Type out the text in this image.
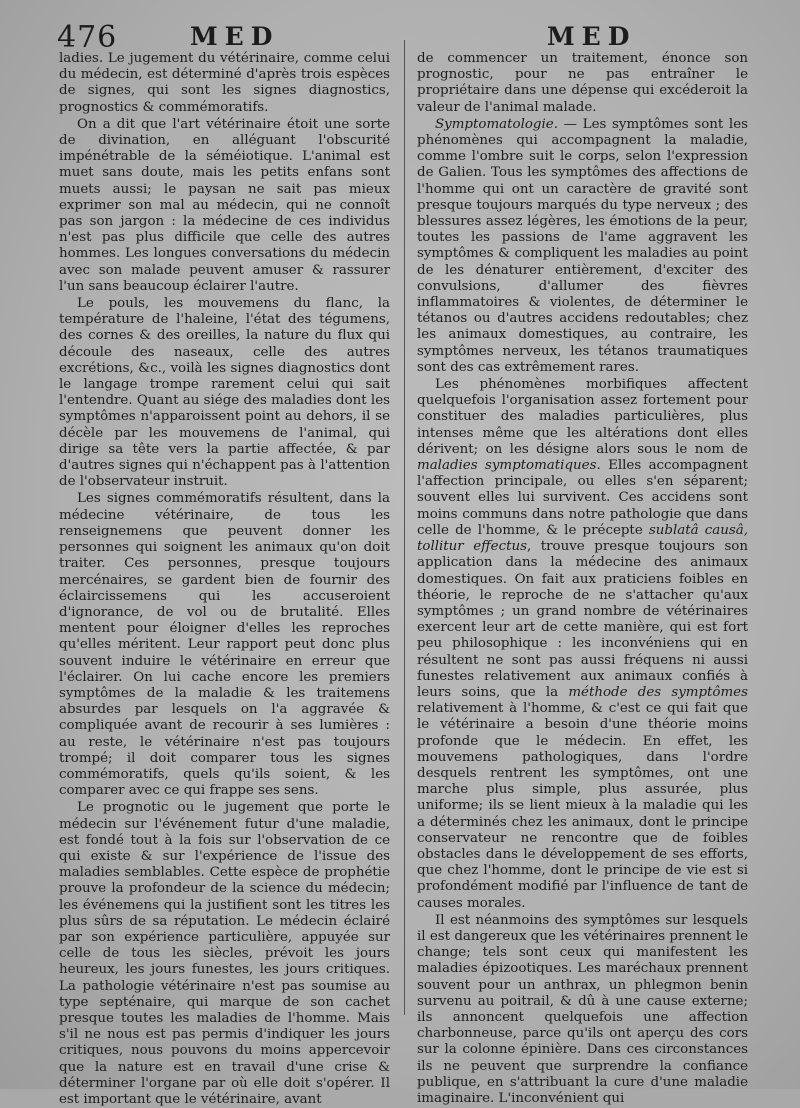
476	MED	MED

ladies. Le jugement du vétérinaire, comme celui du médecin, est déterminé d'après trois espèces de signes, qui sont les signes diagnostics, prognostics & commémoratifs.

On a dit que l'art vétérinaire étoit une sorte de divination, en alléguant l'obscurité impénétrable de la séméiotique. L'animal est muet sans doute, mais les petits enfans sont muets aussi; le paysan ne sait pas mieux exprimer son mal au médecin, qui ne connoît pas son jargon : la médecine de ces individus n'est pas plus difficile que celle des autres hommes. Les longues conversations du médecin avec son malade peuvent amuser & rassurer l'un sans beaucoup éclairer l'autre.

Le pouls, les mouvemens du flanc, la température de l'haleine, l'état des tégumens, des cornes & des oreilles, la nature du flux qui découle des naseaux, celle des autres excrétions, &c., voilà les signes diagnostics dont le langage trompe rarement celui qui sait l'entendre. Quant au siége des maladies dont les symptômes n'apparoissent point au dehors, il se décèle par les mouvemens de l'animal, qui dirige sa tête vers la partie affectée, & par d'autres signes qui n'échappent pas à l'attention de l'observateur instruit.

Les signes commémoratifs résultent, dans la médecine vétérinaire, de tous les renseignemens que peuvent donner les personnes qui soignent les animaux qu'on doit traiter. Ces personnes, presque toujours mercénaires, se gardent bien de fournir des éclaircissemens qui les accuseroient d'ignorance, de vol ou de brutalité. Elles mentent pour éloigner d'elles les reproches qu'elles méritent. Leur rapport peut donc plus souvent induire le vétérinaire en erreur que l'éclairer. On lui cache encore les premiers symptômes de la maladie & les traitemens absurdes par lesquels on l'a aggravée & compliquée avant de recourir à ses lumières : au reste, le vétérinaire n'est pas toujours trompé; il doit comparer tous les signes commémoratifs, quels qu'ils soient, & les comparer avec ce qui frappe ses sens.

Le prognotic ou le jugement que porte le médecin sur l'événement futur d'une maladie, est fondé tout à la fois sur l'observation de ce qui existe & sur l'expérience de l'issue des maladies semblables. Cette espèce de prophétie prouve la profondeur de la science du médecin; les événemens qui la justifient sont les titres les plus sûrs de sa réputation. Le médecin éclairé par son expérience particulière, appuyée sur celle de tous les siècles, prévoit les jours heureux, les jours funestes, les jours critiques. La pathologie vétérinaire n'est pas soumise au type septénaire, qui marque de son cachet presque toutes les maladies de l'homme. Mais s'il ne nous est pas permis d'indiquer les jours critiques, nous pouvons du moins appercevoir que la nature est en travail d'une crise & déterminer l'organe par où elle doit s'opérer. Il est important que le vétérinaire, avant

de commencer un traitement, énonce son prognostic, pour ne pas entraîner le propriétaire dans une dépense qui excéderoit la valeur de l'animal malade.

Symptomatologie. — Les symptômes sont les phénomènes qui accompagnent la maladie, comme l'ombre suit le corps, selon l'expression de Galien. Tous les symptômes des affections de l'homme qui ont un caractère de gravité sont presque toujours marqués du type nerveux ; des blessures assez légères, les émotions de la peur, toutes les passions de l'ame aggravent les symptômes & compliquent les maladies au point de les dénaturer entièrement, d'exciter des convulsions, d'allumer des fièvres inflammatoires & violentes, de déterminer le tétanos ou d'autres accidens redoutables; chez les animaux domestiques, au contraire, les symptômes nerveux, les tétanos traumatiques sont des cas extrêmement rares.

Les phénomènes morbifiques affectent quelquefois l'organisation assez fortement pour constituer des maladies particulières, plus intenses même que les altérations dont elles dérivent; on les désigne alors sous le nom de maladies symptomatiques. Elles accompagnent l'affection principale, ou elles s'en séparent; souvent elles lui survivent. Ces accidens sont moins communs dans notre pathologie que dans celle de l'homme, & le précepte sublatâ causâ, tollitur effectus, trouve presque toujours son application dans la médecine des animaux domestiques. On fait aux praticiens foibles en théorie, le reproche de ne s'attacher qu'aux symptômes ; un grand nombre de vétérinaires exercent leur art de cette manière, qui est fort peu philosophique : les inconvéniens qui en résultent ne sont pas aussi fréquens ni aussi funestes relativement aux animaux confiés à leurs soins, que la méthode des symptômes relativement à l'homme, & c'est ce qui fait que le vétérinaire a besoin d'une théorie moins profonde que le médecin. En effet, les mouvemens pathologiques, dans l'ordre desquels rentrent les symptômes, ont une marche plus simple, plus assurée, plus uniforme; ils se lient mieux à la maladie qui les a déterminés chez les animaux, dont le principe conservateur ne rencontre que de foibles obstacles dans le développement de ses efforts, que chez l'homme, dont le principe de vie est si profondément modifié par l'influence de tant de causes morales.

Il est néanmoins des symptômes sur lesquels il est dangereux que les vétérinaires prennent le change; tels sont ceux qui manifestent les maladies épizootiques. Les maréchaux prennent souvent pour un anthrax, un phlegmon benin survenu au poitrail, & dû à une cause externe; ils annoncent quelquefois une affection charbonneuse, parce qu'ils ont aperçu des cors sur la colonne épinière. Dans ces circonstances ils ne peuvent que surprendre la confiance publique, en s'attribuant la cure d'une maladie imaginaire. L'inconvénient qui
